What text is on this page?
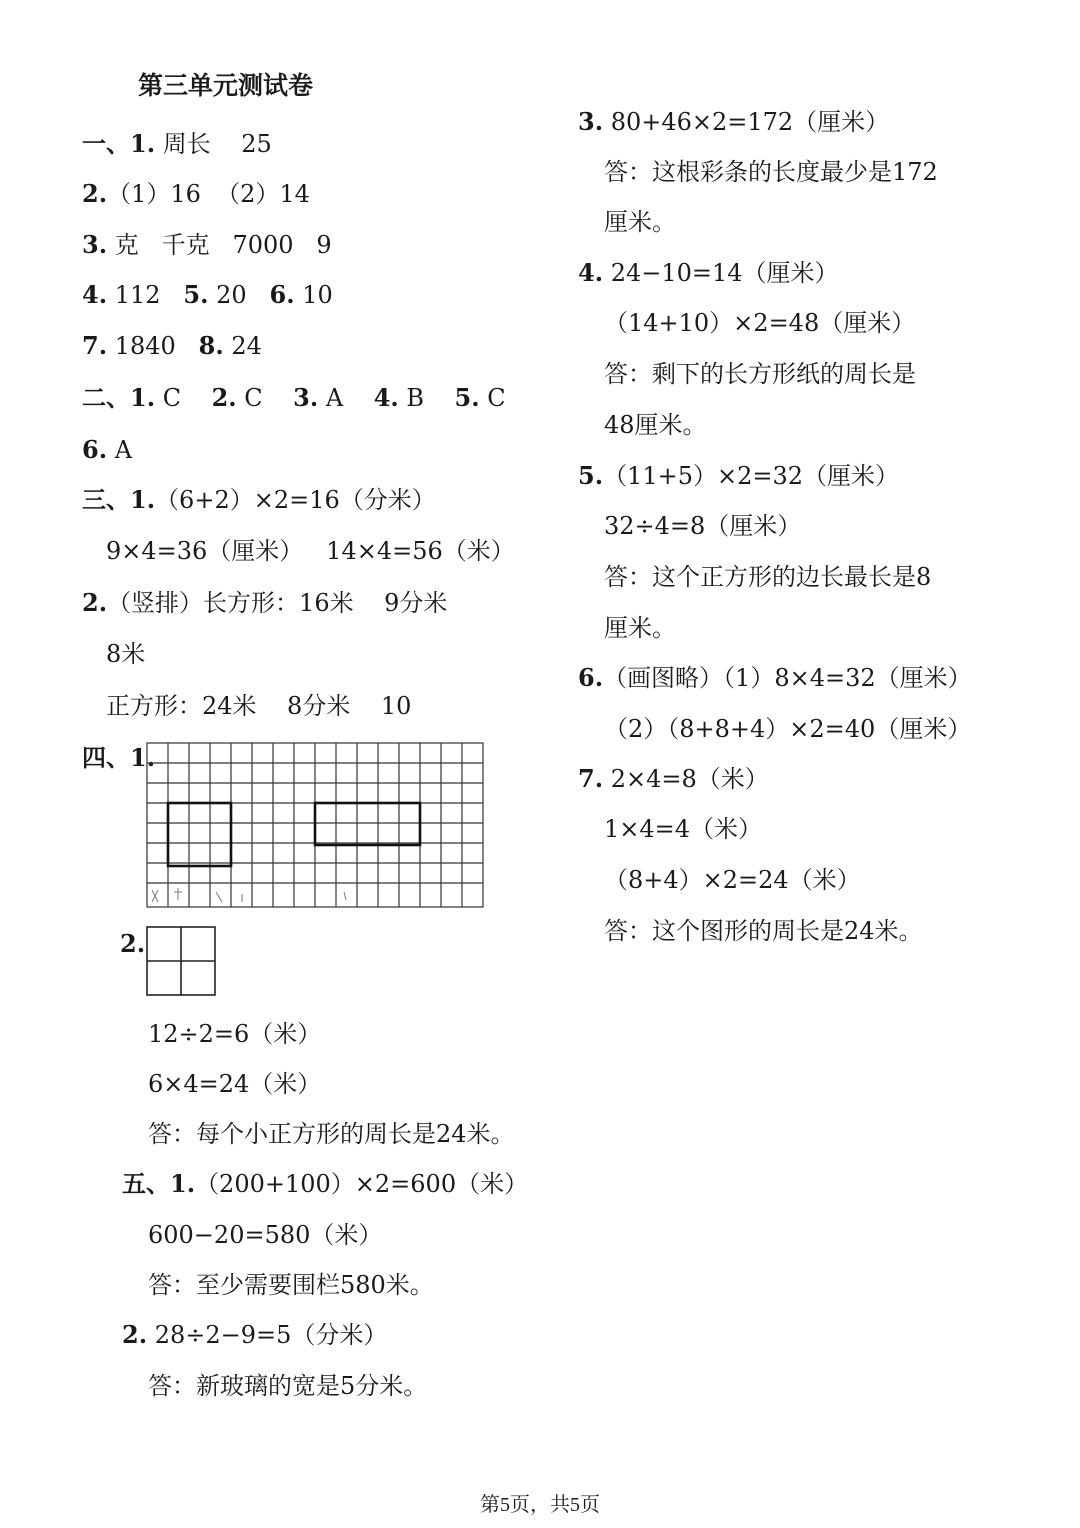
第三单元测试卷
一、1. 周长    25
2.（1）16  （2）14
3. 克   千克   7000   9
4. 112   5. 20   6. 10
7. 1840   8. 24
二、1. C    2. C    3. A    4. B    5. C
6. A
三、1.（6+2）×2=16（分米）
9×4=36（厘米）   14×4=56（米）
2.（竖排）长方形：16米    9分米
8米
正方形：24米    8分米    10
四、1.
2.
12÷2=6（米）
6×4=24（米）
答：每个小正方形的周长是24米。
五、1.（200+100）×2=600（米）
600−20=580（米）
答：至少需要围栏580米。
2. 28÷2−9=5（分米）
答：新玻璃的宽是5分米。
3. 80+46×2=172（厘米）
答：这根彩条的长度最少是172
厘米。
4. 24−10=14（厘米）
（14+10）×2=48（厘米）
答：剩下的长方形纸的周长是
48厘米。
5.（11+5）×2=32（厘米）
32÷4=8（厘米）
答：这个正方形的边长最长是8
厘米。
6.（画图略）（1）8×4=32（厘米）
（2）（8+8+4）×2=40（厘米）
7. 2×4=8（米）
1×4=4（米）
（8+4）×2=24（米）
答：这个图形的周长是24米。
第5页，共5页
